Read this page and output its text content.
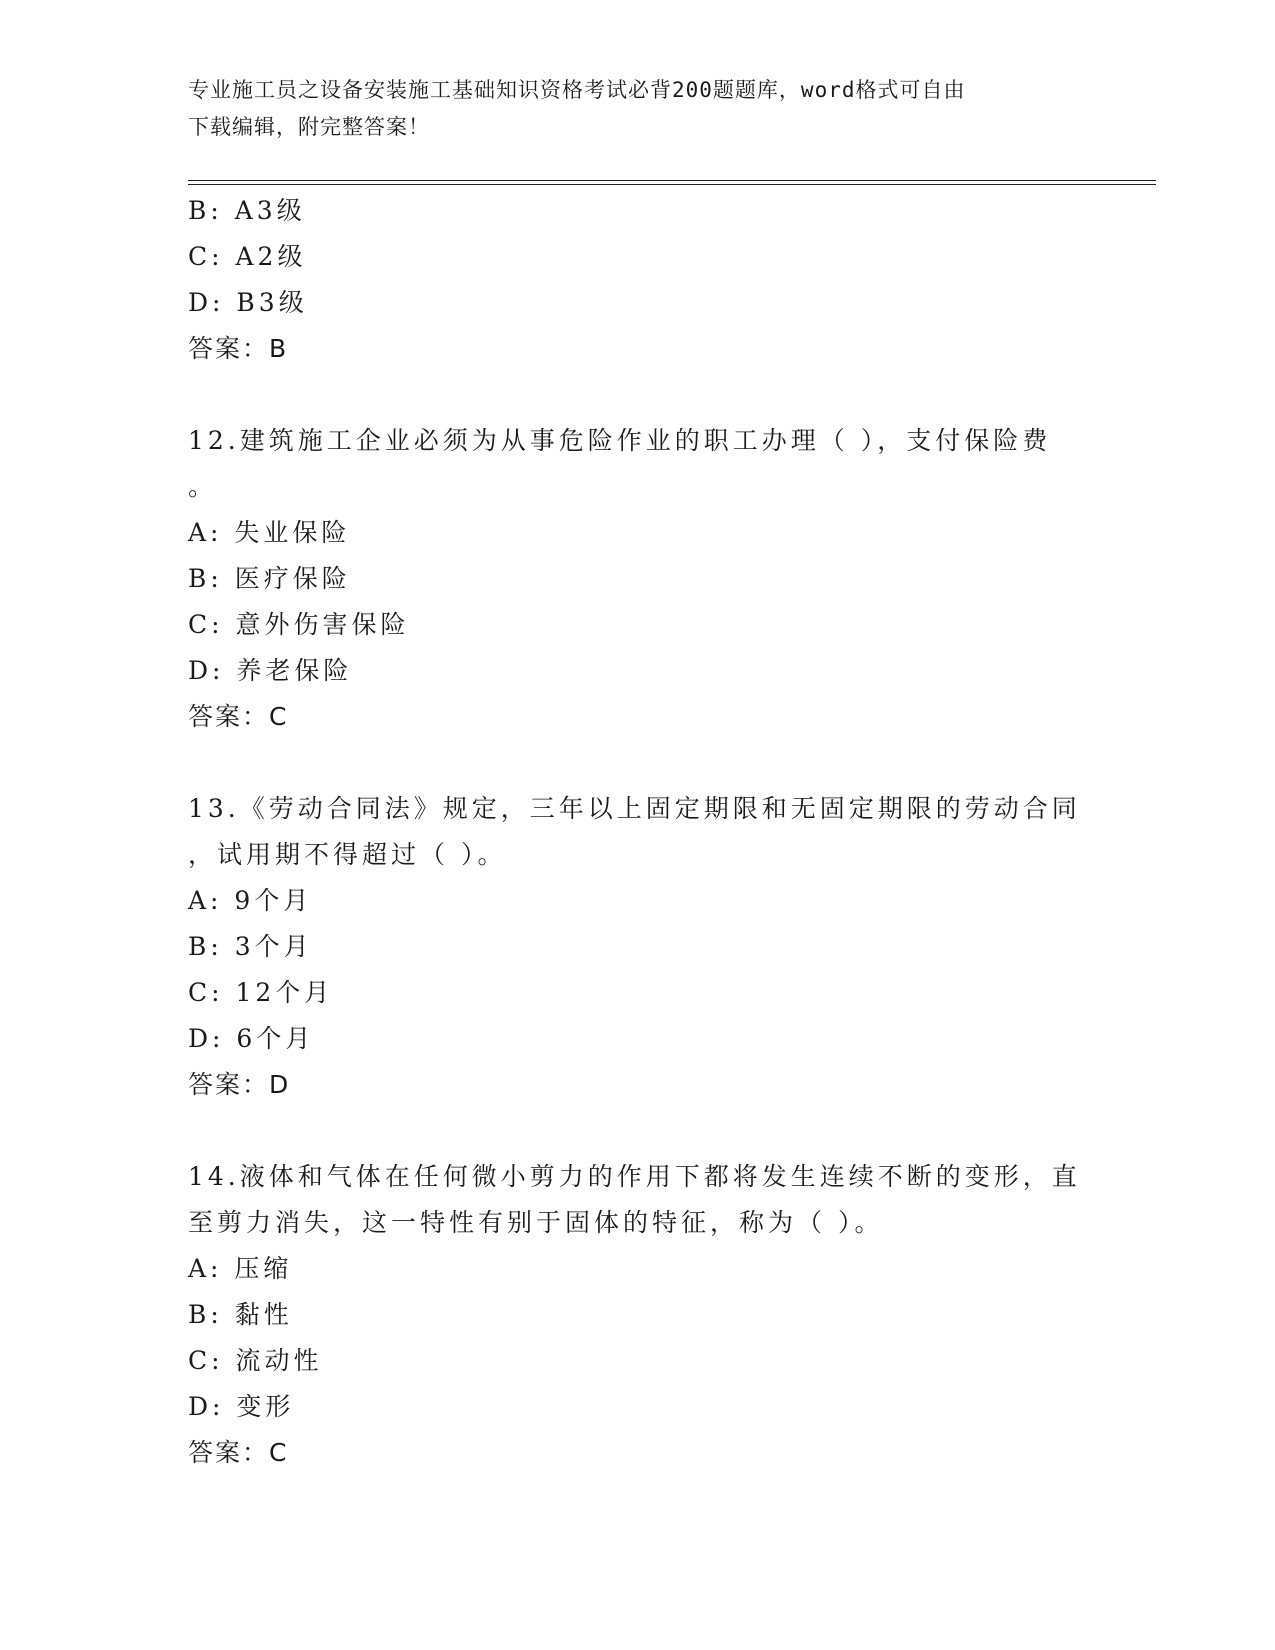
专业施工员之设备安装施工基础知识资格考试必背200题题库，word格式可自由
下载编辑，附完整答案！
B: A3级
C: A2级
D: B3级
答案：B
12.建筑施工企业必须为从事危险作业的职工办理（ ），支付保险费
。
A: 失业保险
B: 医疗保险
C: 意外伤害保险
D: 养老保险
答案：C
13.《劳动合同法》规定，三年以上固定期限和无固定期限的劳动合同
，试用期不得超过（ ）。
A: 9个月
B: 3个月
C: 12个月
D: 6个月
答案：D
14.液体和气体在任何微小剪力的作用下都将发生连续不断的变形，直
至剪力消失，这一特性有别于固体的特征，称为（ ）。
A: 压缩
B: 黏性
C: 流动性
D: 变形
答案：C
